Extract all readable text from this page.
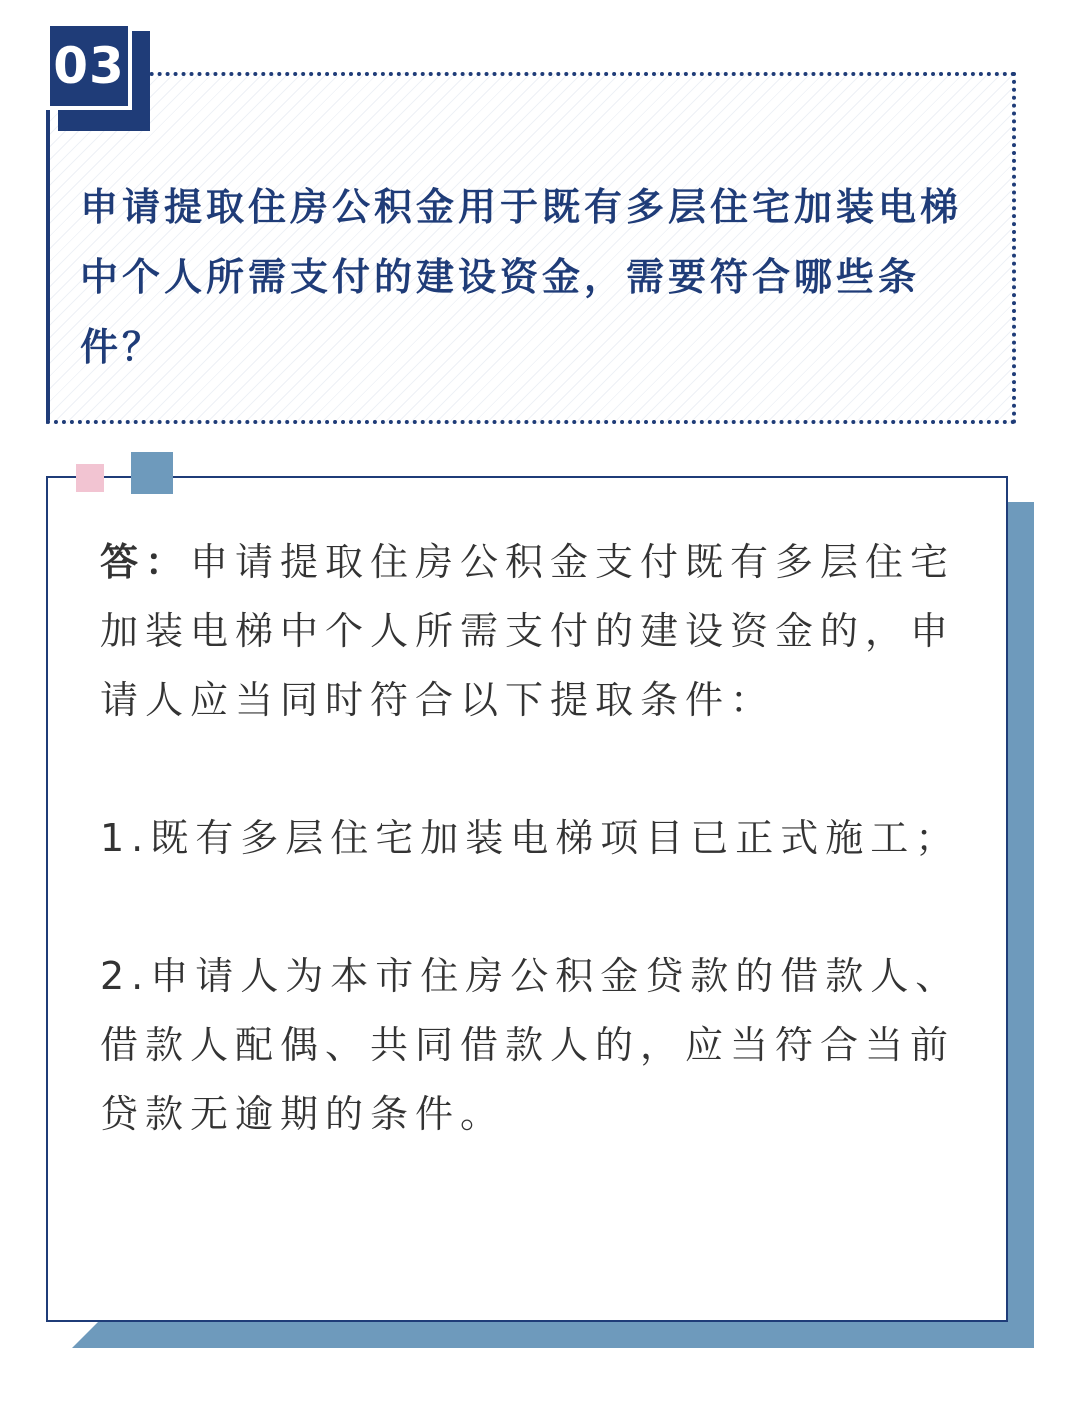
03

申请提取住房公积金用于既有多层住宅加装电梯中个人所需支付的建设资金，需要符合哪些条件？

答：申请提取住房公积金支付既有多层住宅加装电梯中个人所需支付的建设资金的，申请人应当同时符合以下提取条件：

1.既有多层住宅加装电梯项目已正式施工；

2.申请人为本市住房公积金贷款的借款人、借款人配偶、共同借款人的，应当符合当前贷款无逾期的条件。
